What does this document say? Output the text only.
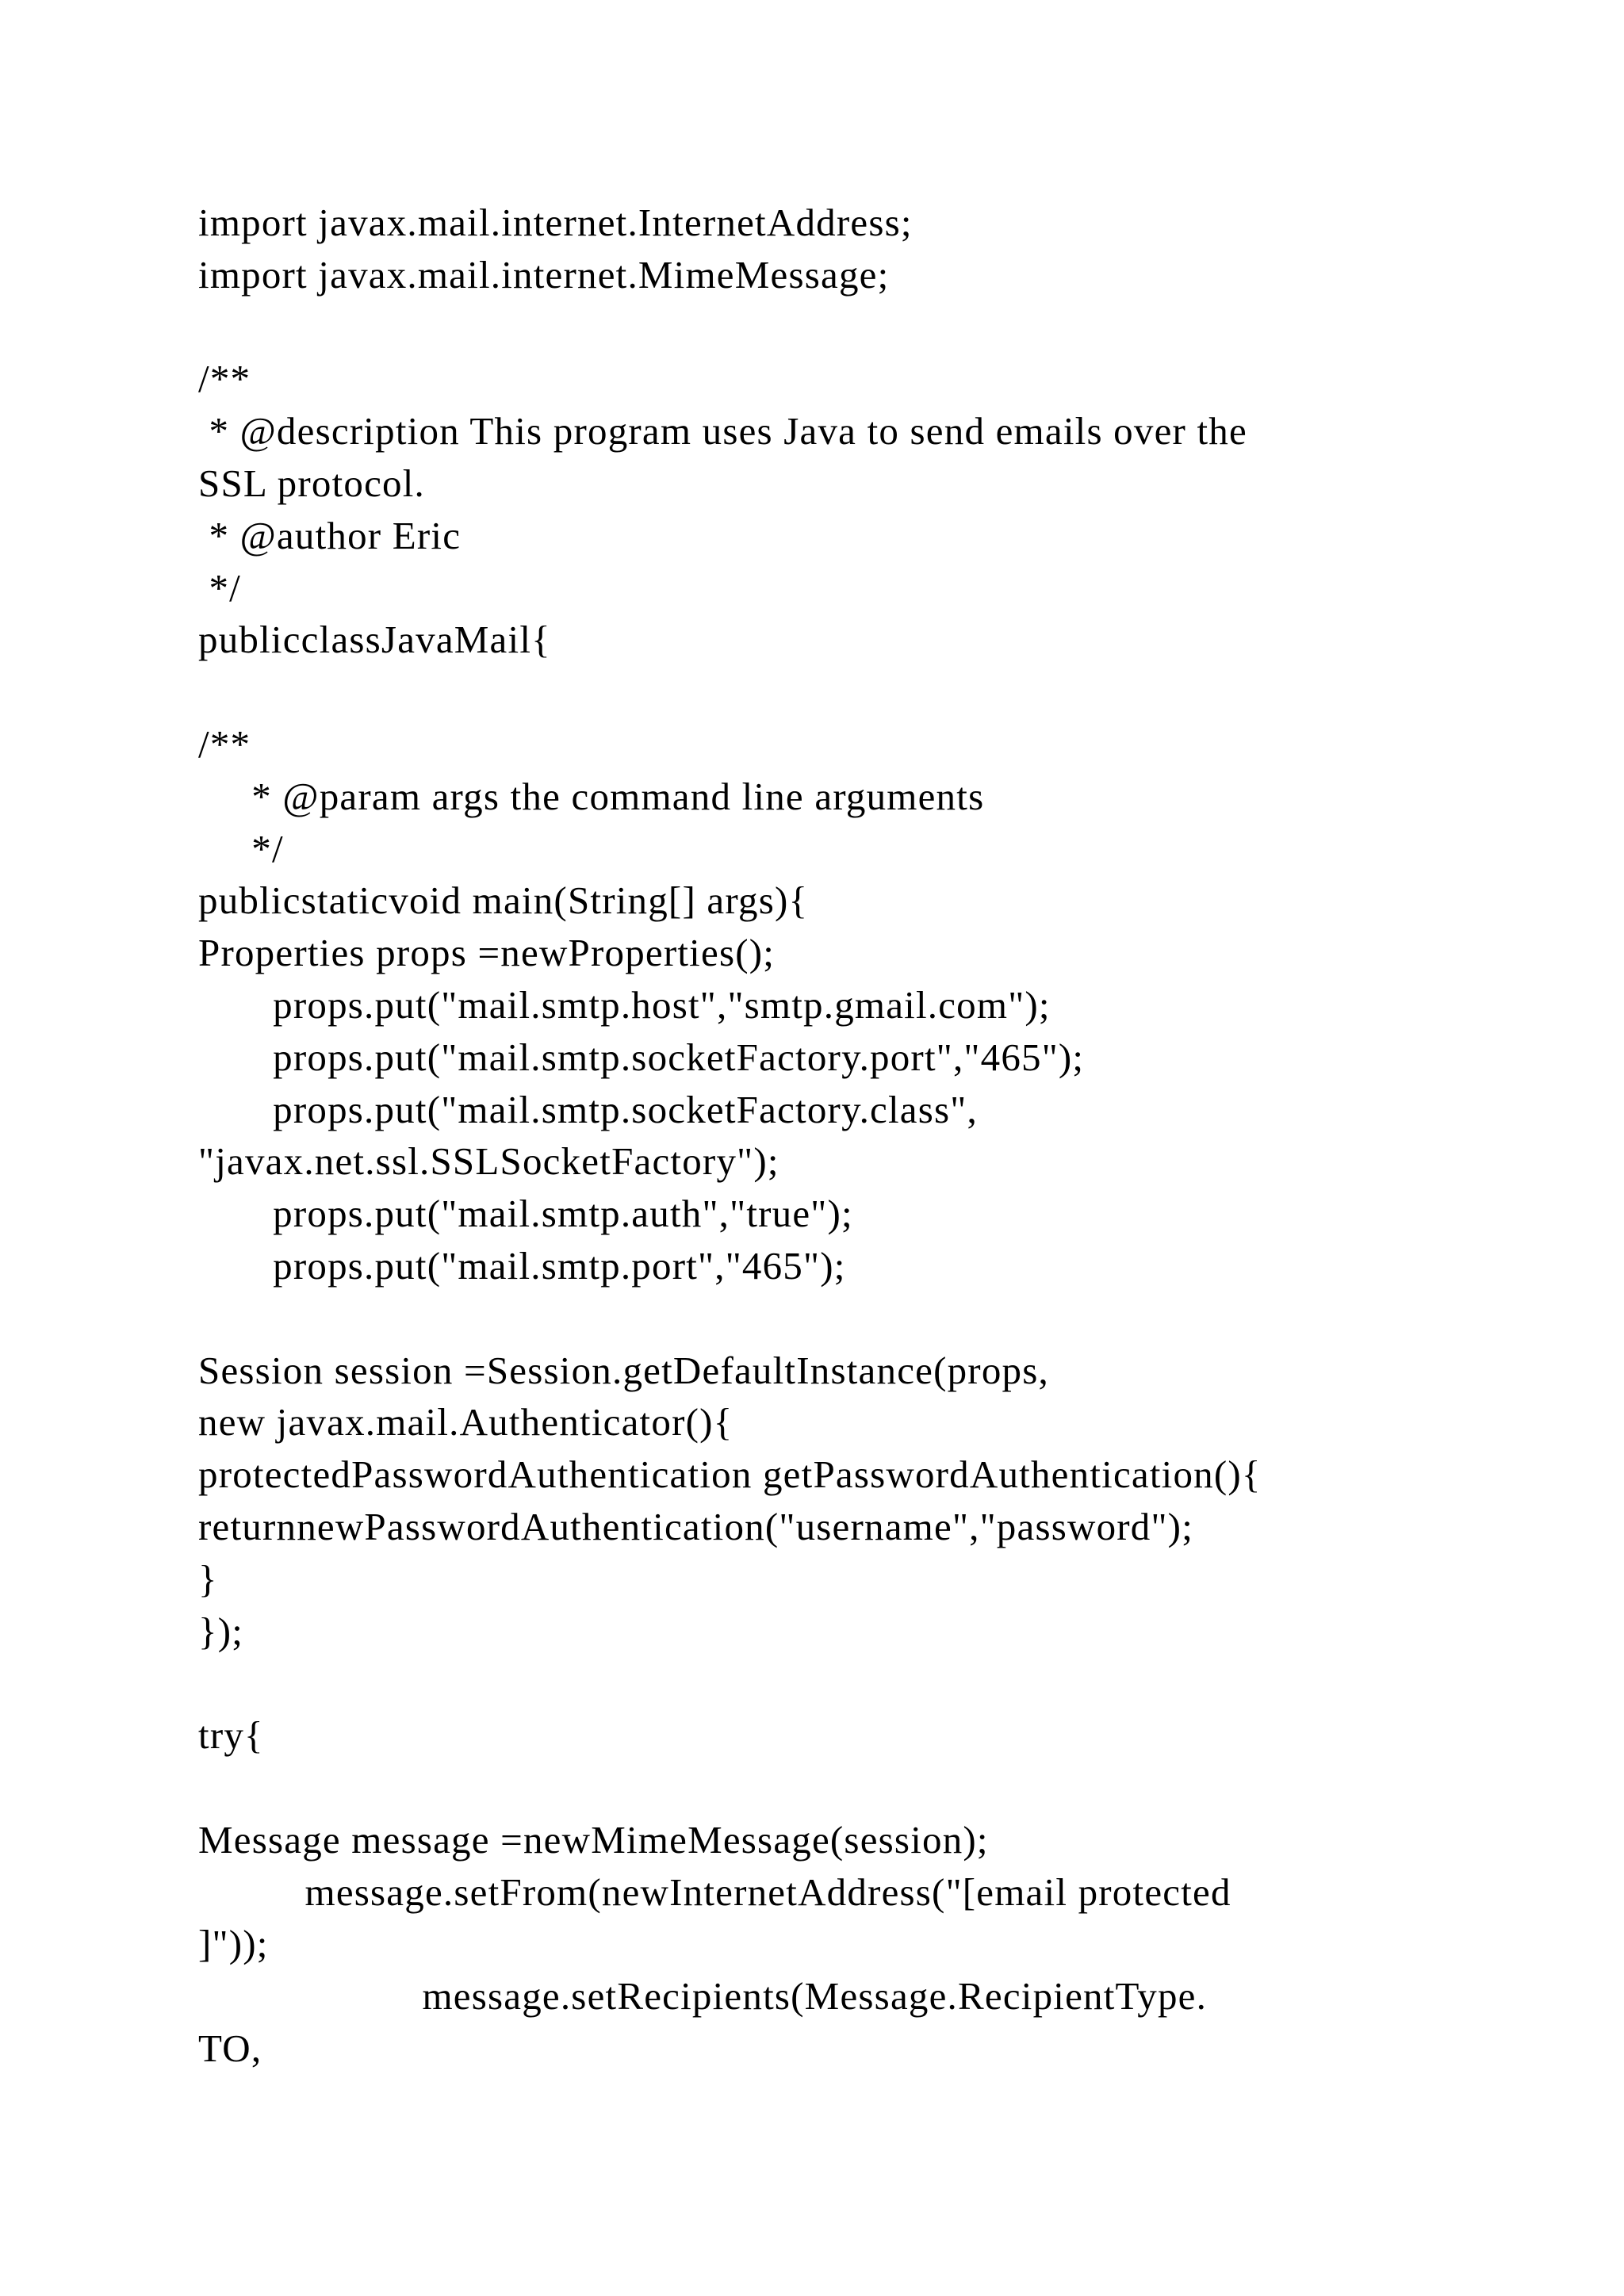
import javax.mail.internet.InternetAddress;
import javax.mail.internet.MimeMessage;
/**
* @description This program uses Java to send emails over the
SSL protocol.
* @author Eric
*/
publicclassJavaMail{
/**
* @param args the command line arguments
*/
publicstaticvoid main(String[] args){
Properties props =newProperties();
props.put("mail.smtp.host","smtp.gmail.com");
props.put("mail.smtp.socketFactory.port","465");
props.put("mail.smtp.socketFactory.class",
"javax.net.ssl.SSLSocketFactory");
props.put("mail.smtp.auth","true");
props.put("mail.smtp.port","465");
Session session =Session.getDefaultInstance(props,
new javax.mail.Authenticator(){
protectedPasswordAuthentication getPasswordAuthentication(){
returnnewPasswordAuthentication("username","password");
}
});
try{
Message message =newMimeMessage(session);
message.setFrom(newInternetAddress("[email protected
]"));
message.setRecipients(Message.RecipientType.
TO,
